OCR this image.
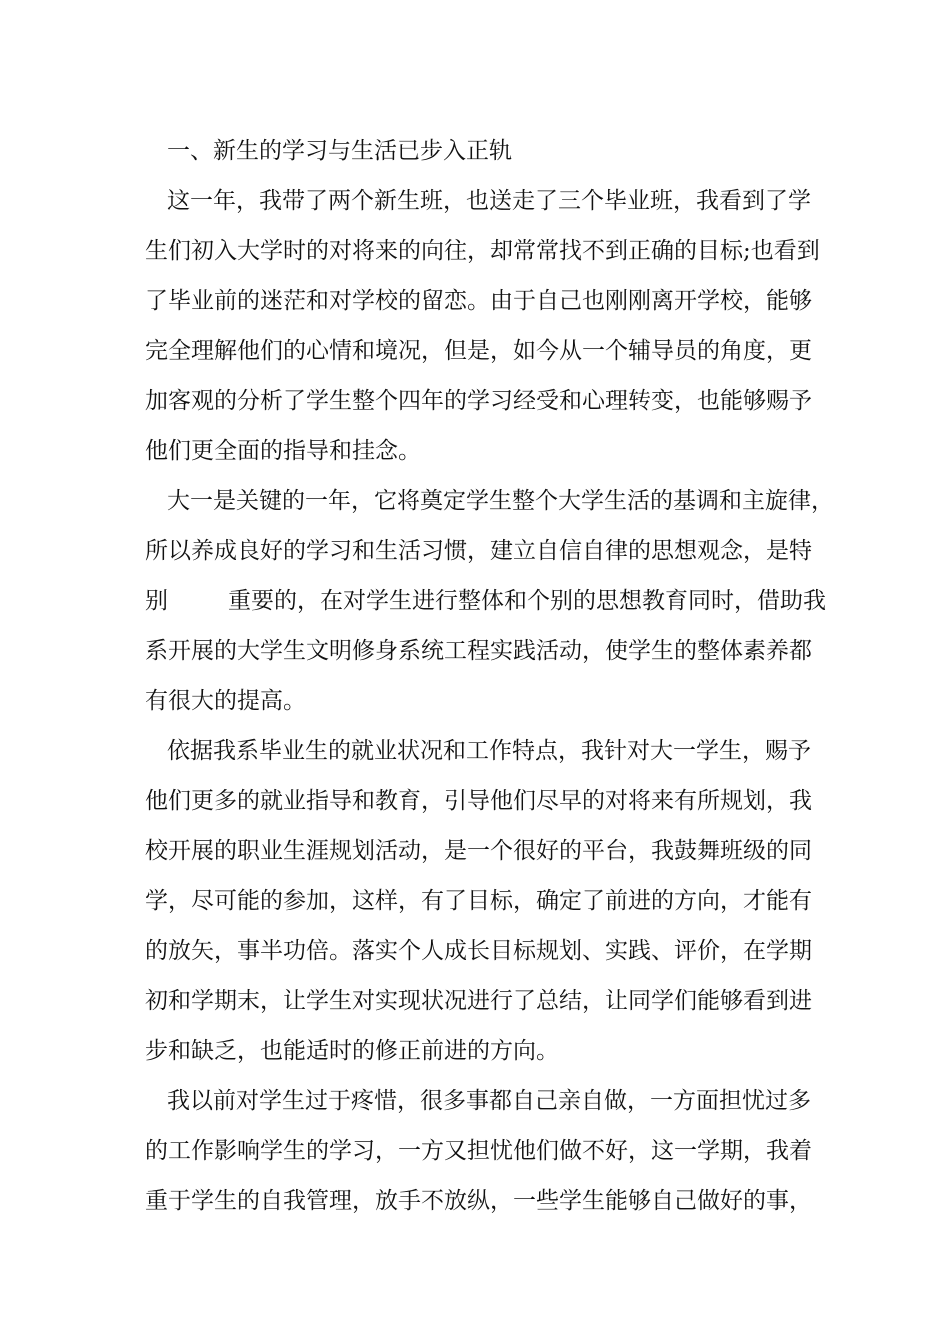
一、新生的学习与生活已步入正轨
这一年，我带了两个新生班，也送走了三个毕业班，我看到了学
生们初入大学时的对将来的向往，却常常找不到正确的目标;也看到
了毕业前的迷茫和对学校的留恋。由于自己也刚刚离开学校，能够
完全理解他们的心情和境况，但是，如今从一个辅导员的角度，更
加客观的分析了学生整个四年的学习经受和心理转变，也能够赐予
他们更全面的指导和挂念。
大一是关键的一年，它将奠定学生整个大学生活的基调和主旋律，
所以养成良好的学习和生活习惯，建立自信自律的思想观念，是特
别	重要的，在对学生进行整体和个别的思想教育同时，借助我
系开展的大学生文明修身系统工程实践活动，使学生的整体素养都
有很大的提高。
依据我系毕业生的就业状况和工作特点，我针对大一学生，赐予
他们更多的就业指导和教育，引导他们尽早的对将来有所规划，我
校开展的职业生涯规划活动，是一个很好的平台，我鼓舞班级的同
学，尽可能的参加，这样，有了目标，确定了前进的方向，才能有
的放矢，事半功倍。落实个人成长目标规划、实践、评价，在学期
初和学期末，让学生对实现状况进行了总结，让同学们能够看到进
步和缺乏，也能适时的修正前进的方向。
我以前对学生过于疼惜，很多事都自己亲自做，一方面担忧过多
的工作影响学生的学习，一方又担忧他们做不好，这一学期，我着
重于学生的自我管理，放手不放纵，一些学生能够自己做好的事，
